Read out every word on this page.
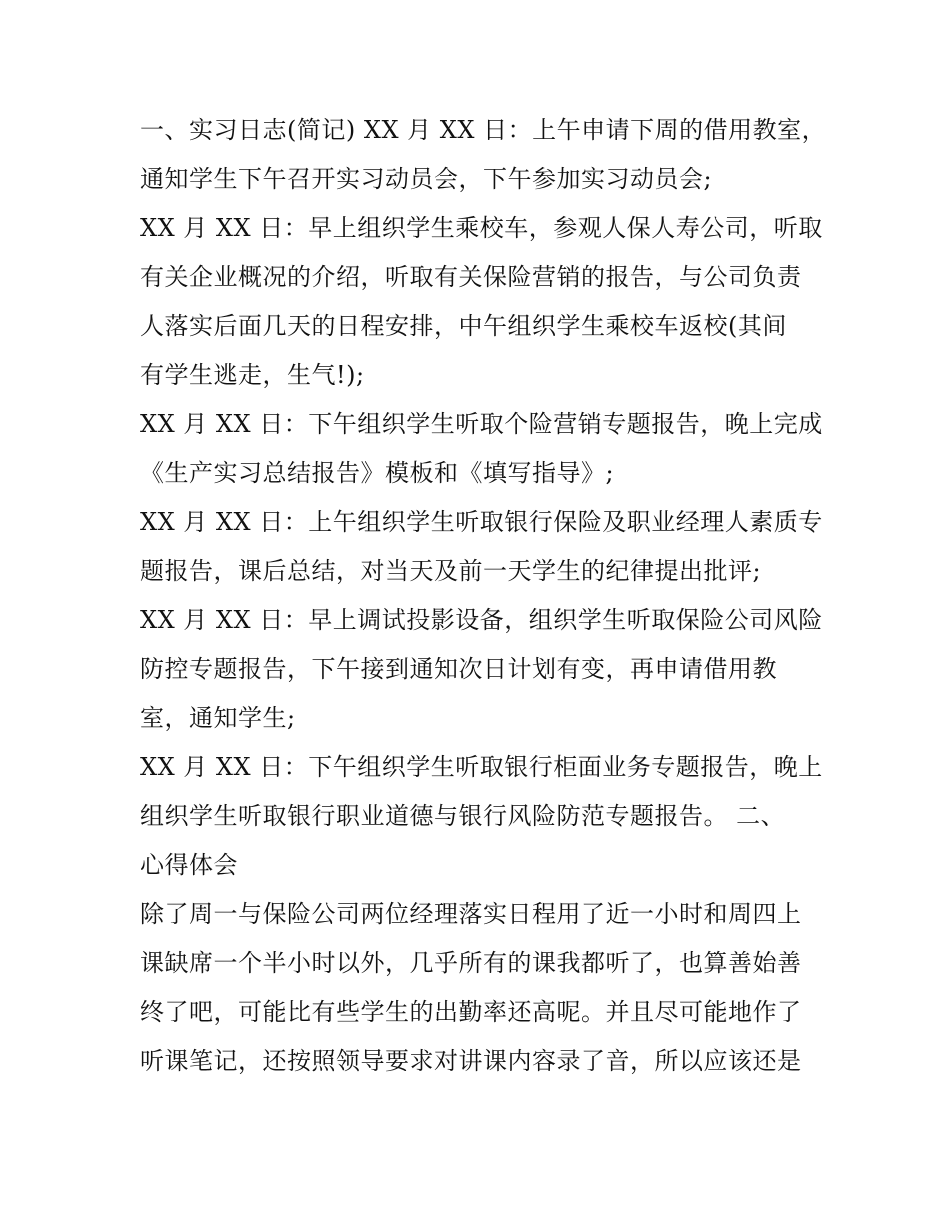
一、实习日志(简记) XX 月 XX 日：上午申请下周的借用教室，
通知学生下午召开实习动员会，下午参加实习动员会;
XX 月 XX 日：早上组织学生乘校车，参观人保人寿公司，听取
有关企业概况的介绍，听取有关保险营销的报告，与公司负责
人落实后面几天的日程安排，中午组织学生乘校车返校(其间
有学生逃走，生气!);
XX 月 XX 日：下午组织学生听取个险营销专题报告，晚上完成
《生产实习总结报告》模板和《填写指导》;
XX 月 XX 日：上午组织学生听取银行保险及职业经理人素质专
题报告，课后总结，对当天及前一天学生的纪律提出批评;
XX 月 XX 日：早上调试投影设备，组织学生听取保险公司风险
防控专题报告，下午接到通知次日计划有变，再申请借用教
室，通知学生;
XX 月 XX 日：下午组织学生听取银行柜面业务专题报告，晚上
组织学生听取银行职业道德与银行风险防范专题报告。 二、
心得体会
除了周一与保险公司两位经理落实日程用了近一小时和周四上
课缺席一个半小时以外，几乎所有的课我都听了，也算善始善
终了吧，可能比有些学生的出勤率还高呢。并且尽可能地作了
听课笔记，还按照领导要求对讲课内容录了音，所以应该还是
